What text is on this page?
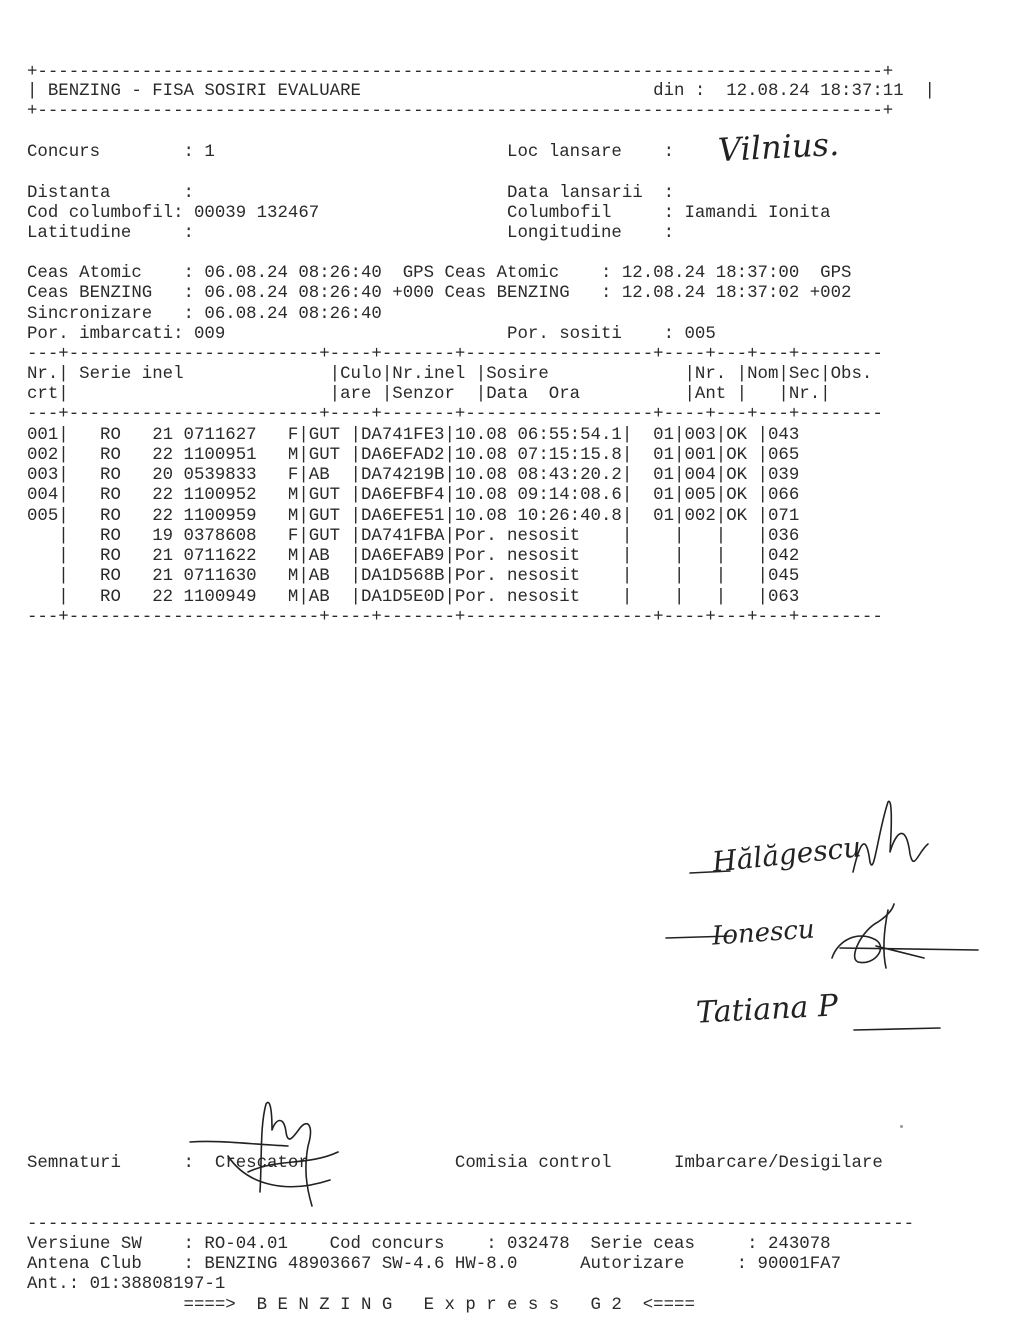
+---------------------------------------------------------------------------------+

| BENZING - FISA SOSIRI EVALUARE                            din :  12.08.24 18:37:11  |

+---------------------------------------------------------------------------------+

Concurs        : 1                            Loc lansare    :

Distanta       :                              Data lansarii  :

Cod columbofil: 00039 132467                  Columbofil     : Iamandi Ionita

Latitudine     :                              Longitudine    :

Ceas Atomic    : 06.08.24 08:26:40  GPS Ceas Atomic    : 12.08.24 18:37:00  GPS

Ceas BENZING   : 06.08.24 08:26:40 +000 Ceas BENZING   : 12.08.24 18:37:02 +002

Sincronizare   : 06.08.24 08:26:40

Por. imbarcati: 009                           Por. sositi    : 005

Vilnius.

---+------------------------+----+-------+------------------+----+---+---+--------

Nr.| Serie inel              |Culo|Nr.inel |Sosire             |Nr. |Nom|Sec|Obs.

crt|                         |are |Senzor  |Data  Ora          |Ant |   |Nr.|

---+------------------------+----+-------+------------------+----+---+---+--------

001|   RO   21 0711627   F|GUT |DA741FE3|10.08 06:55:54.1|  01|003|OK |043

002|   RO   22 1100951   M|GUT |DA6EFAD2|10.08 07:15:15.8|  01|001|OK |065

003|   RO   20 0539833   F|AB  |DA74219B|10.08 08:43:20.2|  01|004|OK |039

004|   RO   22 1100952   M|GUT |DA6EFBF4|10.08 09:14:08.6|  01|005|OK |066

005|   RO   22 1100959   M|GUT |DA6EFE51|10.08 10:26:40.8|  01|002|OK |071

|   RO   19 0378608   F|GUT |DA741FBA|Por. nesosit    |    |   |   |036

|   RO   21 0711622   M|AB  |DA6EFAB9|Por. nesosit    |    |   |   |042

|   RO   21 0711630   M|AB  |DA1D568B|Por. nesosit    |    |   |   |045

|   RO   22 1100949   M|AB  |DA1D5E0D|Por. nesosit    |    |   |   |063

---+------------------------+----+-------+------------------+----+---+---+--------

Hălăgescu
Ionescu
Tatiana P

Semnaturi      :  Crescator              Comisia control      Imbarcare/Desigilare

-------------------------------------------------------------------------------------

Versiune SW    : RO-04.01    Cod concurs    : 032478  Serie ceas     : 243078

Antena Club    : BENZING 48903667 SW-4.6 HW-8.0      Autorizare     : 90001FA7

Ant.: 01:38808197-1

====>  B E N Z I N G   E x p r e s s   G 2  <====
